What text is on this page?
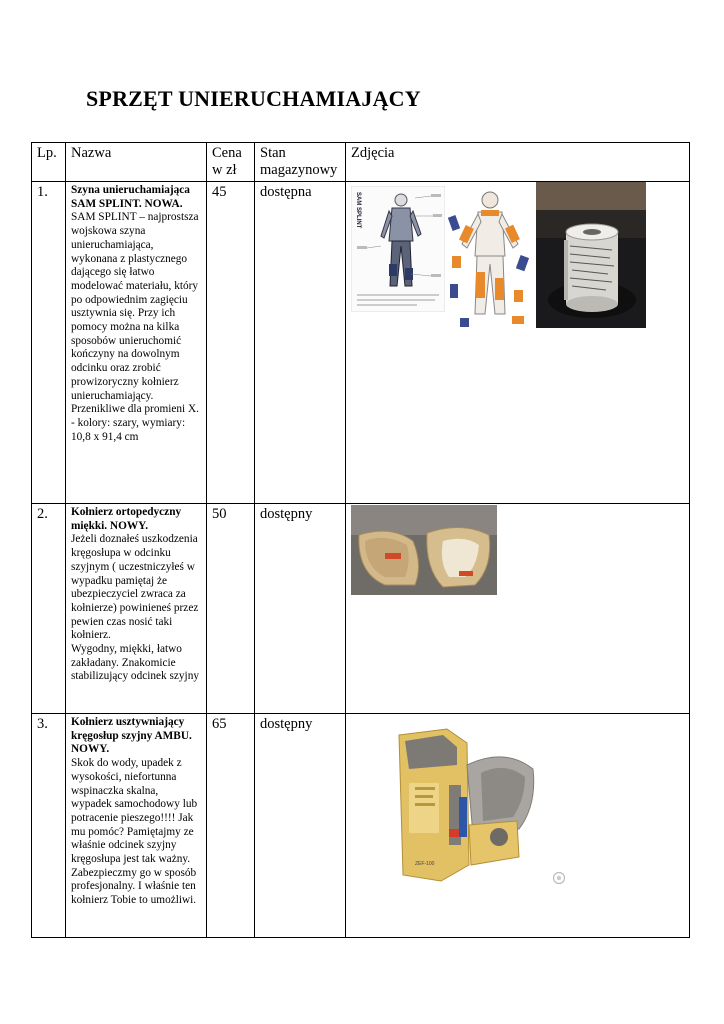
SPRZĘT UNIERUCHAMIAJĄCY
Lp.	Nazwa	Cena w zł	Stan magazynowy	Zdjęcia
1.	Szyna unieruchamiająca SAM SPLINT. NOWA.
SAM SPLINT – najprostsza wojskowa szyna unieruchamiająca, wykonana z plastycznego dającego się łatwo modelować materiału, który po odpowiednim zagięciu usztywnia się. Przy ich pomocy można na kilka sposobów unieruchomić kończyny na dowolnym odcinku oraz zrobić prowizoryczny kołnierz unieruchamiający. Przenikliwe dla promieni X.
- kolory: szary, wymiary: 10,8 x 91,4 cm	45	dostępna	SAM SPLINT

2.	Kołnierz ortopedyczny miękki. NOWY.
Jeżeli doznałeś uszkodzenia kręgosłupa w odcinku szyjnym ( uczestniczyłeś w wypadku pamiętaj że ubezpieczyciel zwraca za kołnierze) powinieneś przez pewien czas nosić taki kołnierz.
Wygodny, miękki, łatwo zakładany. Znakomicie stabilizujący odcinek szyjny	50	dostępny	

3.	Kołnierz usztywniający kręgosłup szyjny AMBU. NOWY.
Skok do wody, upadek z wysokości, niefortunna wspinaczka skalna, wypadek samochodowy lub potracenie pieszego!!!! Jak mu pomóc? Pamiętajmy ze właśnie odcinek szyjny kręgosłupa jest tak ważny. Zabezpieczmy go w sposób profesjonalny. I właśnie ten kołnierz Tobie to umożliwi.	65	dostępny	ZEF-100
